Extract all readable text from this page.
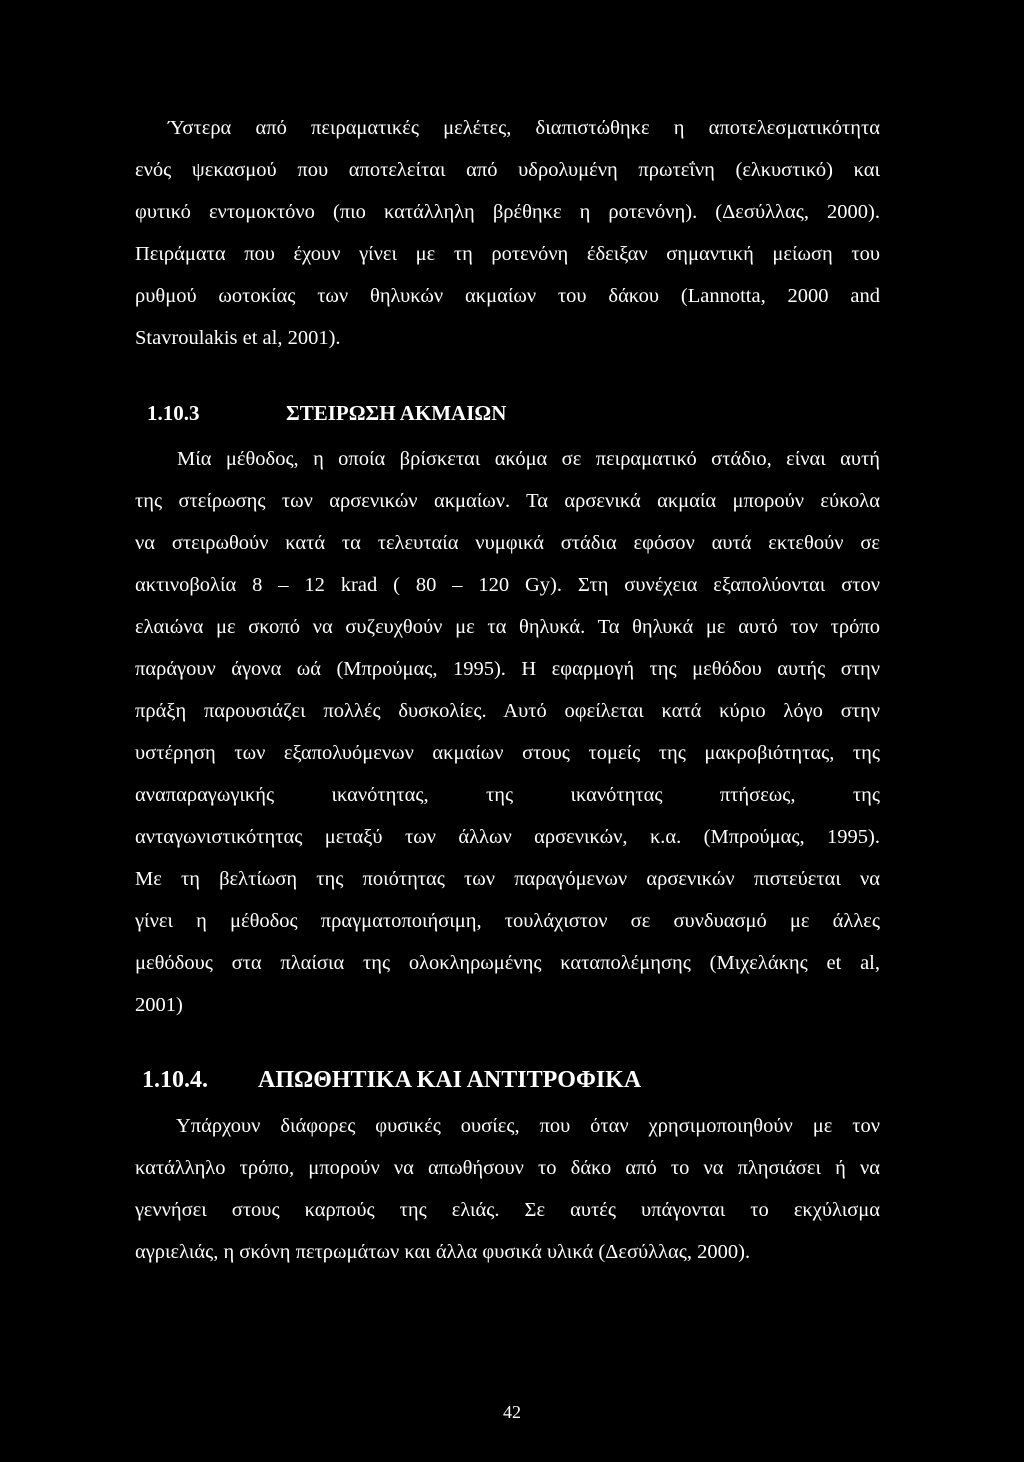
Ύστερα από πειραματικές μελέτες, διαπιστώθηκε η αποτελεσματικότητα
ενός ψεκασμού που αποτελείται από υδρολυμένη πρωτεΐνη (ελκυστικό) και
φυτικό εντομοκτόνο (πιο κατάλληλη βρέθηκε η ροτενόνη). (Δεσύλλας, 2000).
Πειράματα που έχουν γίνει με τη ροτενόνη έδειξαν σημαντική μείωση του
ρυθμού ωοτοκίας των θηλυκών ακμαίων του δάκου (Lannotta, 2000 and
Stavroulakis et al, 2001).
1.10.3	ΣΤΕΙΡΩΣΗ ΑΚΜΑΙΩΝ
Μία μέθοδος, η οποία βρίσκεται ακόμα σε πειραματικό στάδιο, είναι αυτή
της στείρωσης των αρσενικών ακμαίων. Τα αρσενικά ακμαία μπορούν εύκολα
να στειρωθούν κατά τα τελευταία νυμφικά στάδια εφόσον αυτά εκτεθούν σε
ακτινοβολία 8 – 12 krad ( 80 – 120 Gy). Στη συνέχεια εξαπολύονται στον
ελαιώνα με σκοπό να συζευχθούν με τα θηλυκά. Τα θηλυκά με αυτό τον τρόπο
παράγουν άγονα ωά (Μπρούμας, 1995). Η εφαρμογή της μεθόδου αυτής στην
πράξη παρουσιάζει πολλές δυσκολίες. Αυτό οφείλεται κατά κύριο λόγο στην
υστέρηση των εξαπολυόμενων ακμαίων στους τομείς της μακροβιότητας, της
αναπαραγωγικής ικανότητας, της ικανότητας πτήσεως, της
ανταγωνιστικότητας μεταξύ των άλλων αρσενικών, κ.α. (Μπρούμας, 1995).
Με τη βελτίωση της ποιότητας των παραγόμενων αρσενικών πιστεύεται να
γίνει η μέθοδος πραγματοποιήσιμη, τουλάχιστον σε συνδυασμό με άλλες
μεθόδους στα πλαίσια της ολοκληρωμένης καταπολέμησης (Μιχελάκης et al,
2001)
1.10.4. ΑΠΩΘΗΤΙΚΑ ΚΑΙ ΑΝΤΙΤΡΟΦΙΚΑ
Υπάρχουν διάφορες φυσικές ουσίες, που όταν χρησιμοποιηθούν με τον
κατάλληλο τρόπο, μπορούν να απωθήσουν το δάκο από το να πλησιάσει ή να
γεννήσει στους καρπούς της ελιάς. Σε αυτές υπάγονται το εκχύλισμα
αγριελιάς, η σκόνη πετρωμάτων και άλλα φυσικά υλικά (Δεσύλλας, 2000).
42
